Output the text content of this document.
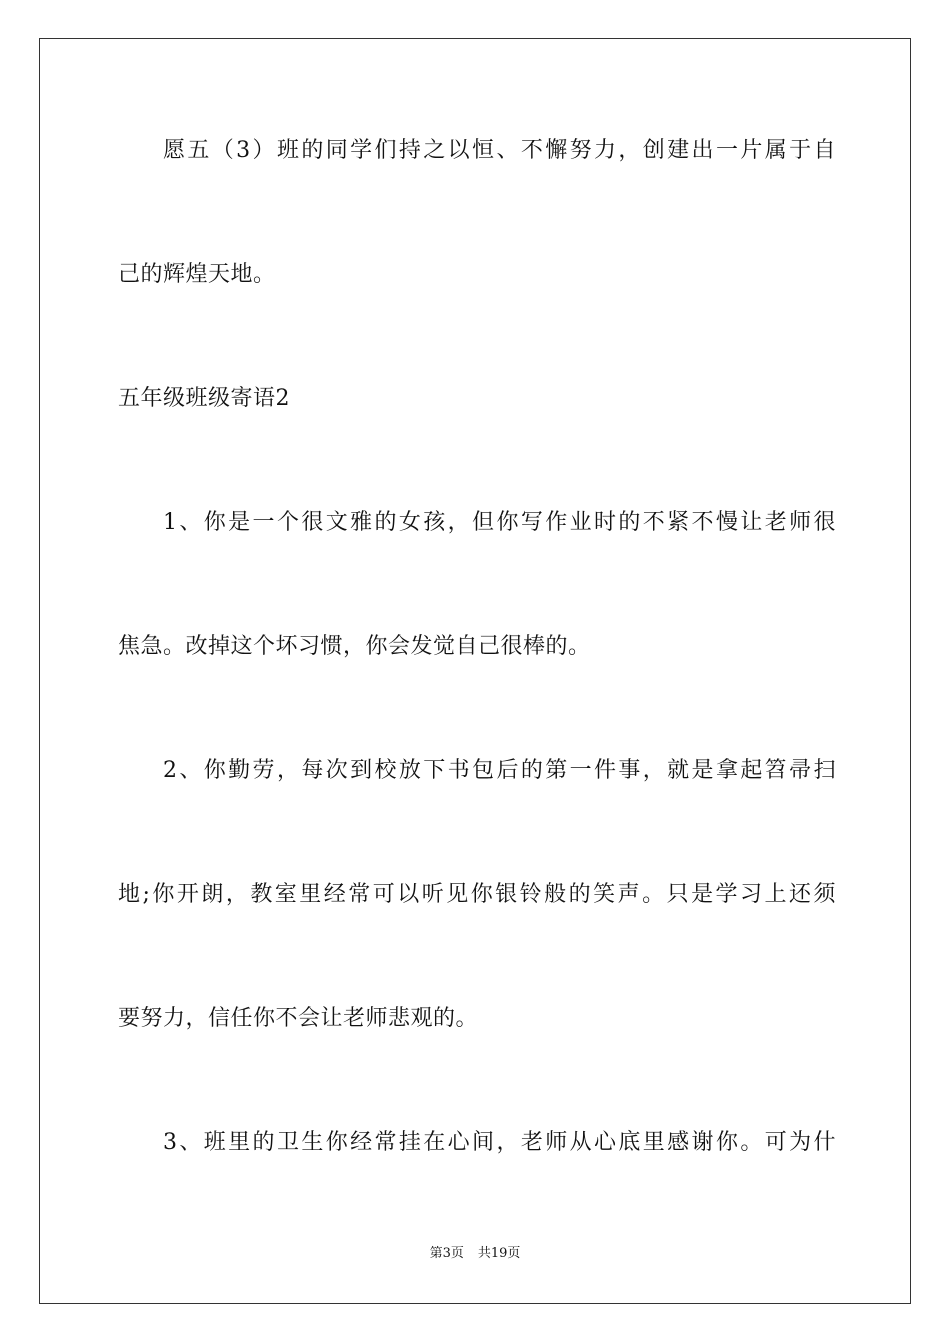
愿五（3）班的同学们持之以恒、不懈努力，创建出一片属于自
己的辉煌天地。
五年级班级寄语2
1、你是一个很文雅的女孩，但你写作业时的不紧不慢让老师很
焦急。改掉这个坏习惯，你会发觉自己很棒的。
2、你勤劳，每次到校放下书包后的第一件事，就是拿起笤帚扫
地;你开朗，教室里经常可以听见你银铃般的笑声。只是学习上还须
要努力，信任你不会让老师悲观的。
3、班里的卫生你经常挂在心间，老师从心底里感谢你。可为什
第3页 共19页
